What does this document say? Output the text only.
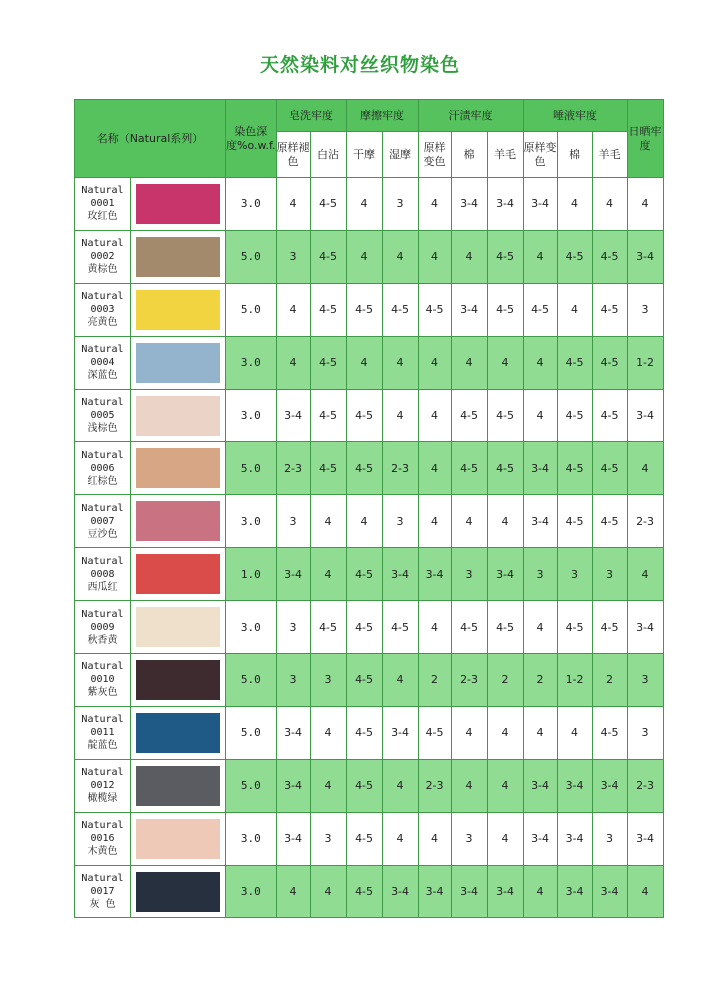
天然染料对丝织物染色
名称（Natural系列）		染色深度%o.w.f.	皂洗牢度		摩擦牢度		汗渍牢度			唾液牢度			日晒牢度
			原样褪色	白沾	干摩	湿摩	原样变色	棉	羊毛	原样变色	棉	羊毛	

Natural 0001
玫红色		3.0	4	4-5	4	3	4	3-4	3-4	3-4	4	4	4

Natural 0002
黄棕色		5.0	3	4-5	4	4	4	4	4-5	4	4-5	4-5	3-4

Natural 0003
亮黄色		5.0	4	4-5	4-5	4-5	4-5	3-4	4-5	4-5	4	4-5	3

Natural 0004
深蓝色		3.0	4	4-5	4	4	4	4	4	4	4-5	4-5	1-2

Natural 0005
浅棕色		3.0	3-4	4-5	4-5	4	4	4-5	4-5	4	4-5	4-5	3-4

Natural 0006
红棕色		5.0	2-3	4-5	4-5	2-3	4	4-5	4-5	3-4	4-5	4-5	4

Natural 0007
豆沙色		3.0	3	4	4	3	4	4	4	3-4	4-5	4-5	2-3

Natural 0008
西瓜红		1.0	3-4	4	4-5	3-4	3-4	3	3-4	3	3	3	4

Natural 0009
秋香黄		3.0	3	4-5	4-5	4-5	4	4-5	4-5	4	4-5	4-5	3-4

Natural 0010
紫灰色		5.0	3	3	4-5	4	2	2-3	2	2	1-2	2	3

Natural 0011
靛蓝色		5.0	3-4	4	4-5	3-4	4-5	4	4	4	4	4-5	3

Natural 0012
橄榄绿		5.0	3-4	4	4-5	4	2-3	4	4	3-4	3-4	3-4	2-3

Natural 0016
木黄色		3.0	3-4	3	4-5	4	4	3	4	3-4	3-4	3	3-4

Natural 0017
灰 色		3.0	4	4	4-5	3-4	3-4	3-4	3-4	4	3-4	3-4	4
